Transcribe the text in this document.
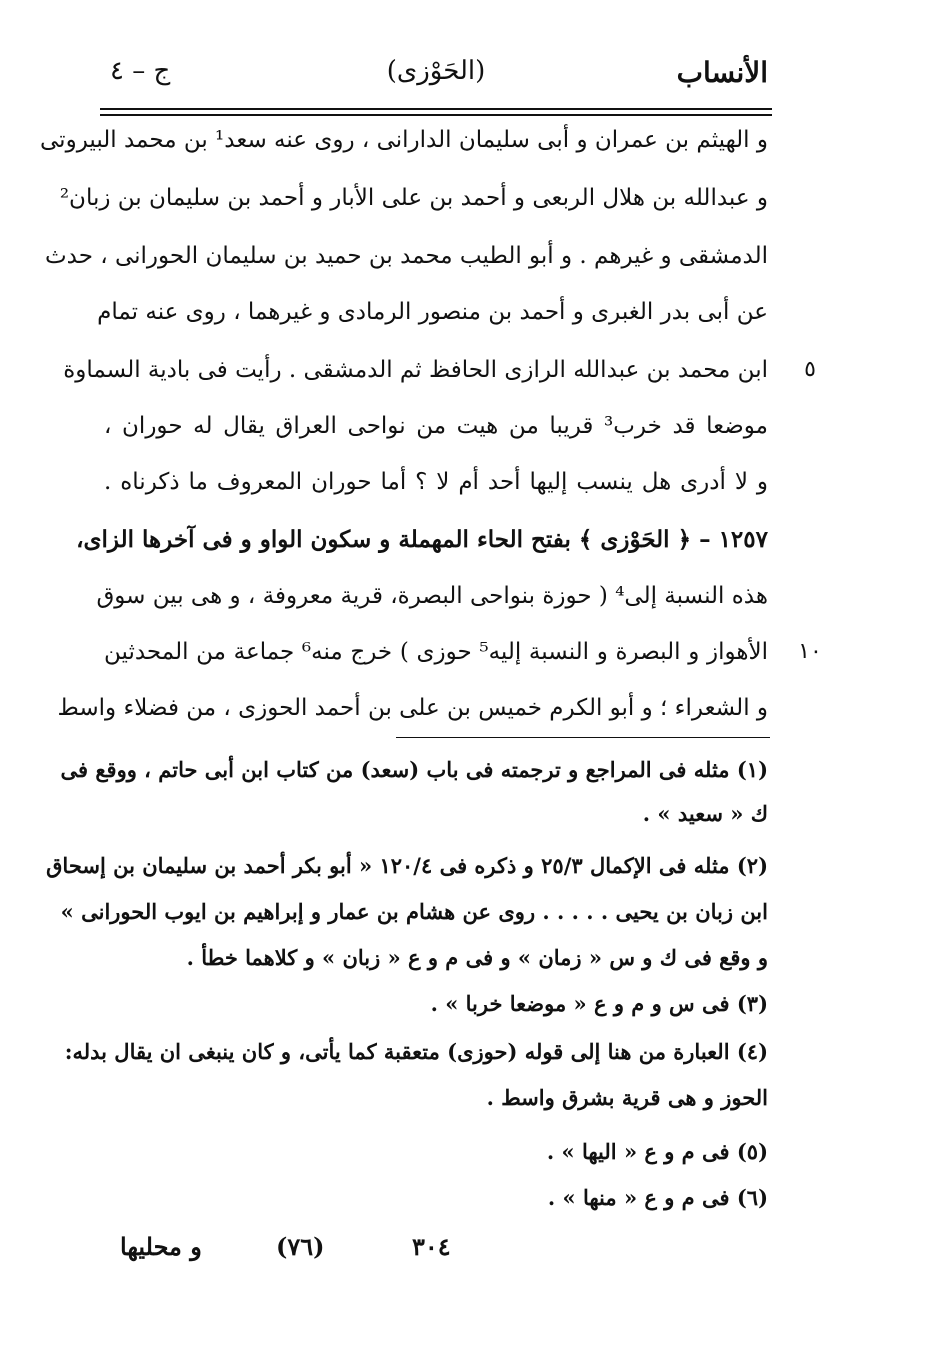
ج – ٤	(الحَوْزى)	الأنساب
و الهيثم بن عمران و أبى سليمان الدارانى ، روى عنه سعد¹ بن محمد البيروتى
و عبدالله بن هلال الربعى و أحمد بن على الأبار و أحمد بن سليمان بن زبان²
الدمشقى و غيرهم . و أبو الطيب محمد بن حميد بن سليمان الحورانى ، حدث
عن أبى بدر الغبرى و أحمد بن منصور الرمادى و غيرهما ، روى عنه تمام
ابن محمد بن عبدالله الرازى الحافظ ثم الدمشقى . رأيت فى بادية السماوة	٥
موضعا قد خرب³ قريبا من هيت من نواحى العراق يقال له حوران ،
و لا أدرى هل ينسب إليها أحد أم لا ؟ أما حوران المعروف ما ذكرناه .
١٢٥٧ – ﴿ الحَوْزى ﴾ بفتح الحاء المهملة و سكون الواو و فى آخرها الزاى،
هذه النسبة إلى⁴ ( حوزة بنواحى البصرة، قرية معروفة ، و هى بين سوق
الأهواز و البصرة و النسبة إليه⁵ حوزى ) خرج منه⁶ جماعة من المحدثين	١٠
و الشعراء ؛ و أبو الكرم خميس بن على بن أحمد الحوزى ، من فضلاء واسط
(١) مثله فى المراجع و ترجمته فى باب (سعد) من كتاب ابن أبى حاتم ، ووقع فى
ك « سعيد » .
(٢) مثله فى الإكمال ٢٥/٣ و ذكره فى ١٢٠/٤ « أبو بكر أحمد بن سليمان بن إسحاق
ابن زبان بن يحيى . . . . . روى عن هشام بن عمار و إبراهيم بن ايوب الحورانى »
و وقع فى ك و س « زمان » و فى م و ع « زبان » و كلاهما خطأ .
(٣) فى س و م و ع « موضعا خربا » .
(٤) العبارة من هنا إلى قوله (حوزى) متعقبة كما يأتى، و كان ينبغى ان يقال بدله:
الحوز و هى قرية بشرق واسط .
(٥) فى م و ع « اليها » .
(٦) فى م و ع « منها » .
٣٠٤
(٧٦)
و محليها
